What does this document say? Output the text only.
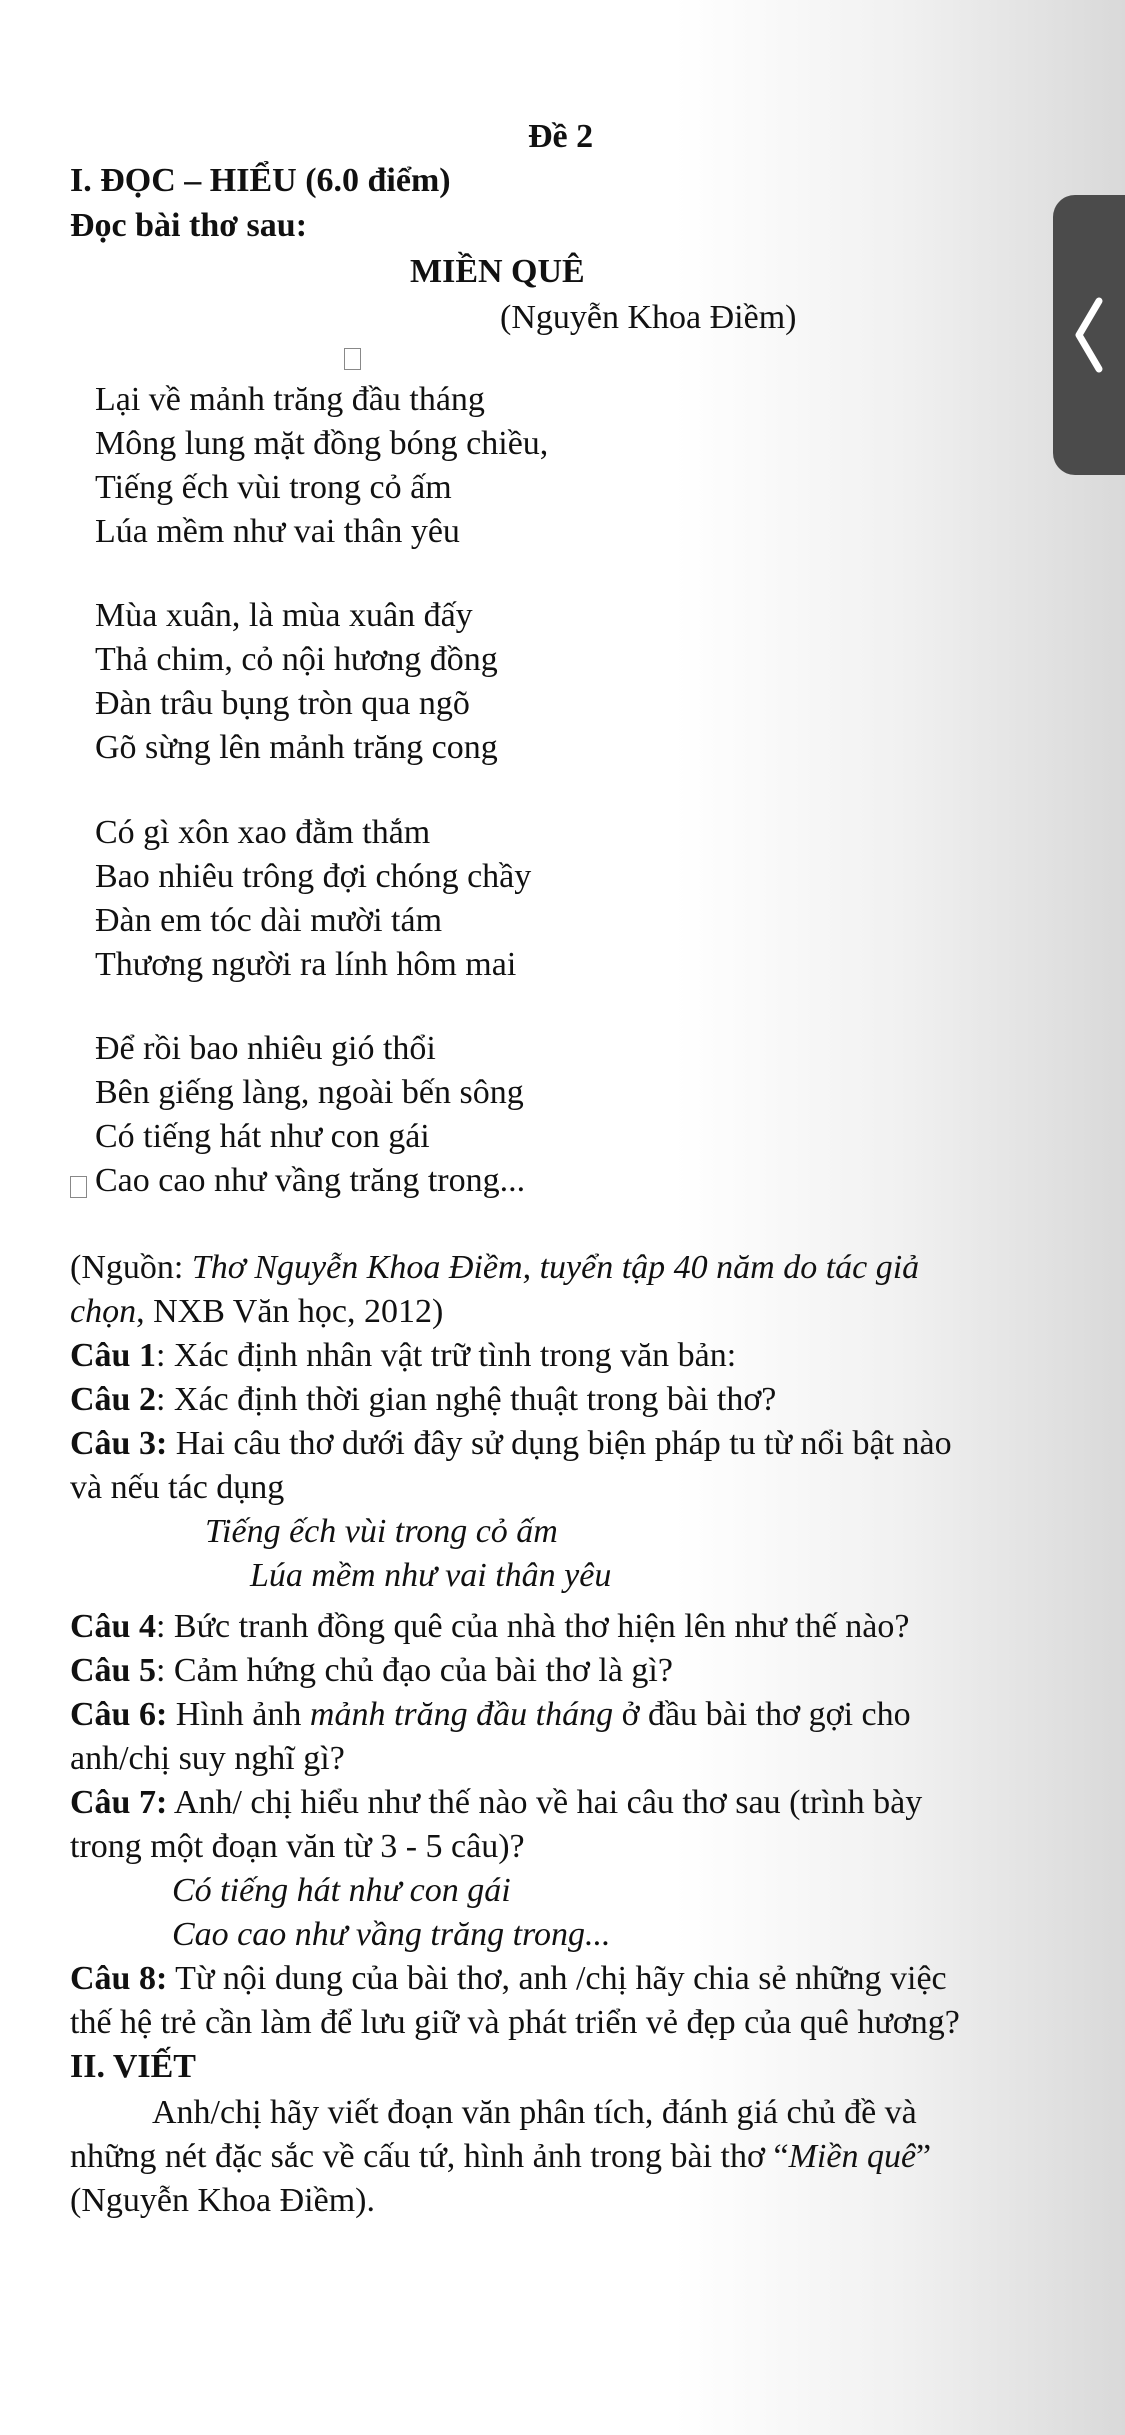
Đề 2
I. ĐỌC – HIỂU (6.0 điểm)
Đọc bài thơ sau:
MIỀN QUÊ
(Nguyễn Khoa Điềm)
Lại về mảnh trăng đầu tháng
Mông lung mặt đồng bóng chiều,
Tiếng ếch vùi trong cỏ ấm
Lúa mềm như vai thân yêu
Mùa xuân, là mùa xuân đấy
Thả chim, cỏ nội hương đồng
Đàn trâu bụng tròn qua ngõ
Gõ sừng lên mảnh trăng cong
Có gì xôn xao đằm thắm
Bao nhiêu trông đợi chóng chầy
Đàn em tóc dài mười tám
Thương người ra lính hôm mai
Để rồi bao nhiêu gió thổi
Bên giếng làng, ngoài bến sông
Có tiếng hát như con gái
Cao cao như vầng trăng trong...
(Nguồn: Thơ Nguyễn Khoa Điềm, tuyển tập 40 năm do tác giả
chọn, NXB Văn học, 2012)
Câu 1: Xác định nhân vật trữ tình trong văn bản:
Câu 2: Xác định thời gian nghệ thuật trong bài thơ?
Câu 3: Hai câu thơ dưới đây sử dụng biện pháp tu từ nổi bật nào
và nếu tác dụng
Tiếng ếch vùi trong cỏ ấm
Lúa mềm như vai thân yêu
Câu 4: Bức tranh đồng quê của nhà thơ hiện lên như thế nào?
Câu 5: Cảm hứng chủ đạo của bài thơ là gì?
Câu 6: Hình ảnh mảnh trăng đầu tháng ở đầu bài thơ gợi cho
anh/chị suy nghĩ gì?
Câu 7: Anh/ chị hiểu như thế nào về hai câu thơ sau (trình bày
trong một đoạn văn từ 3 - 5 câu)?
Có tiếng hát như con gái
Cao cao như vầng trăng trong...
Câu 8: Từ nội dung của bài thơ, anh /chị hãy chia sẻ những việc
thế hệ trẻ cần làm để lưu giữ và phát triển vẻ đẹp của quê hương?
II. VIẾT
Anh/chị hãy viết đoạn văn phân tích, đánh giá chủ đề và
những nét đặc sắc về cấu tứ, hình ảnh trong bài thơ “Miền quê”
(Nguyễn Khoa Điềm).
